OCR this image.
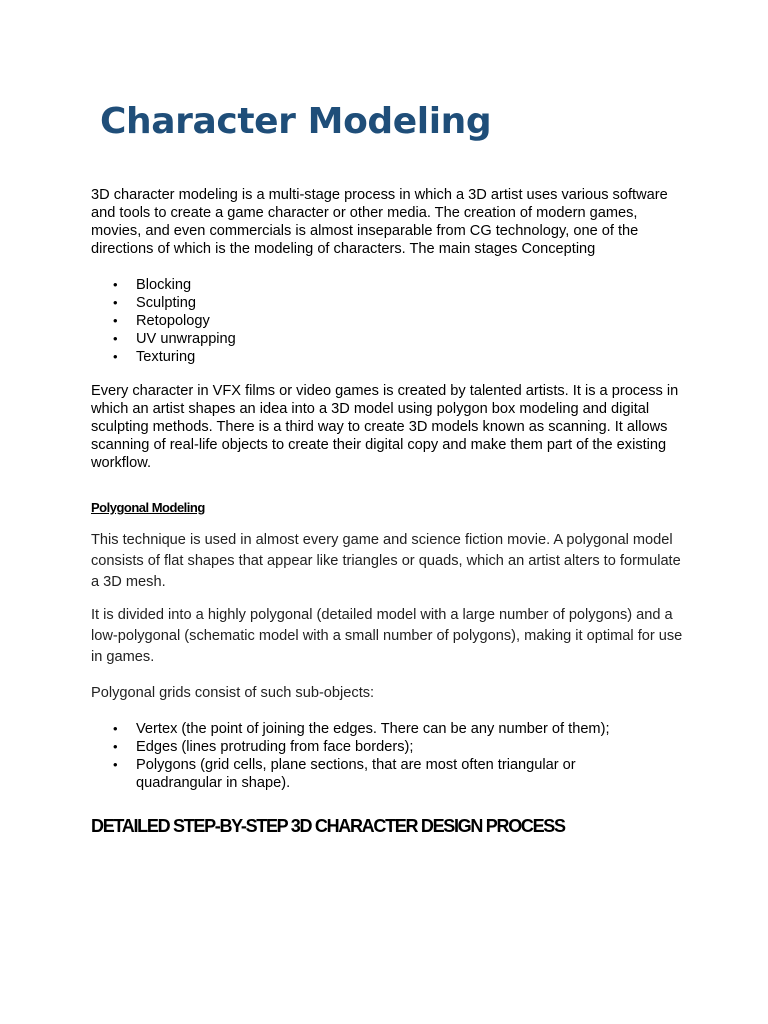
Character Modeling

3D character modeling is a multi-stage process in which a 3D artist uses various software and tools to create a game character or other media. The creation of modern games, movies, and even commercials is almost inseparable from CG technology, one of the directions of which is the modeling of characters. The main stages Concepting

• Blocking
• Sculpting
• Retopology
• UV unwrapping
• Texturing

Every character in VFX films or video games is created by talented artists. It is a process in which an artist shapes an idea into a 3D model using polygon box modeling and digital sculpting methods. There is a third way to create 3D models known as scanning. It allows scanning of real-life objects to create their digital copy and make them part of the existing workflow.

Polygonal Modeling

This technique is used in almost every game and science fiction movie. A polygonal model consists of flat shapes that appear like triangles or quads, which an artist alters to formulate a 3D mesh.

It is divided into a highly polygonal (detailed model with a large number of polygons) and a low-polygonal (schematic model with a small number of polygons), making it optimal for use in games.

Polygonal grids consist of such sub-objects:

• Vertex (the point of joining the edges. There can be any number of them);
• Edges (lines protruding from face borders);
• Polygons (grid cells, plane sections, that are most often triangular or quadrangular in shape).

DETAILED STEP-BY-STEP 3D CHARACTER DESIGN PROCESS
